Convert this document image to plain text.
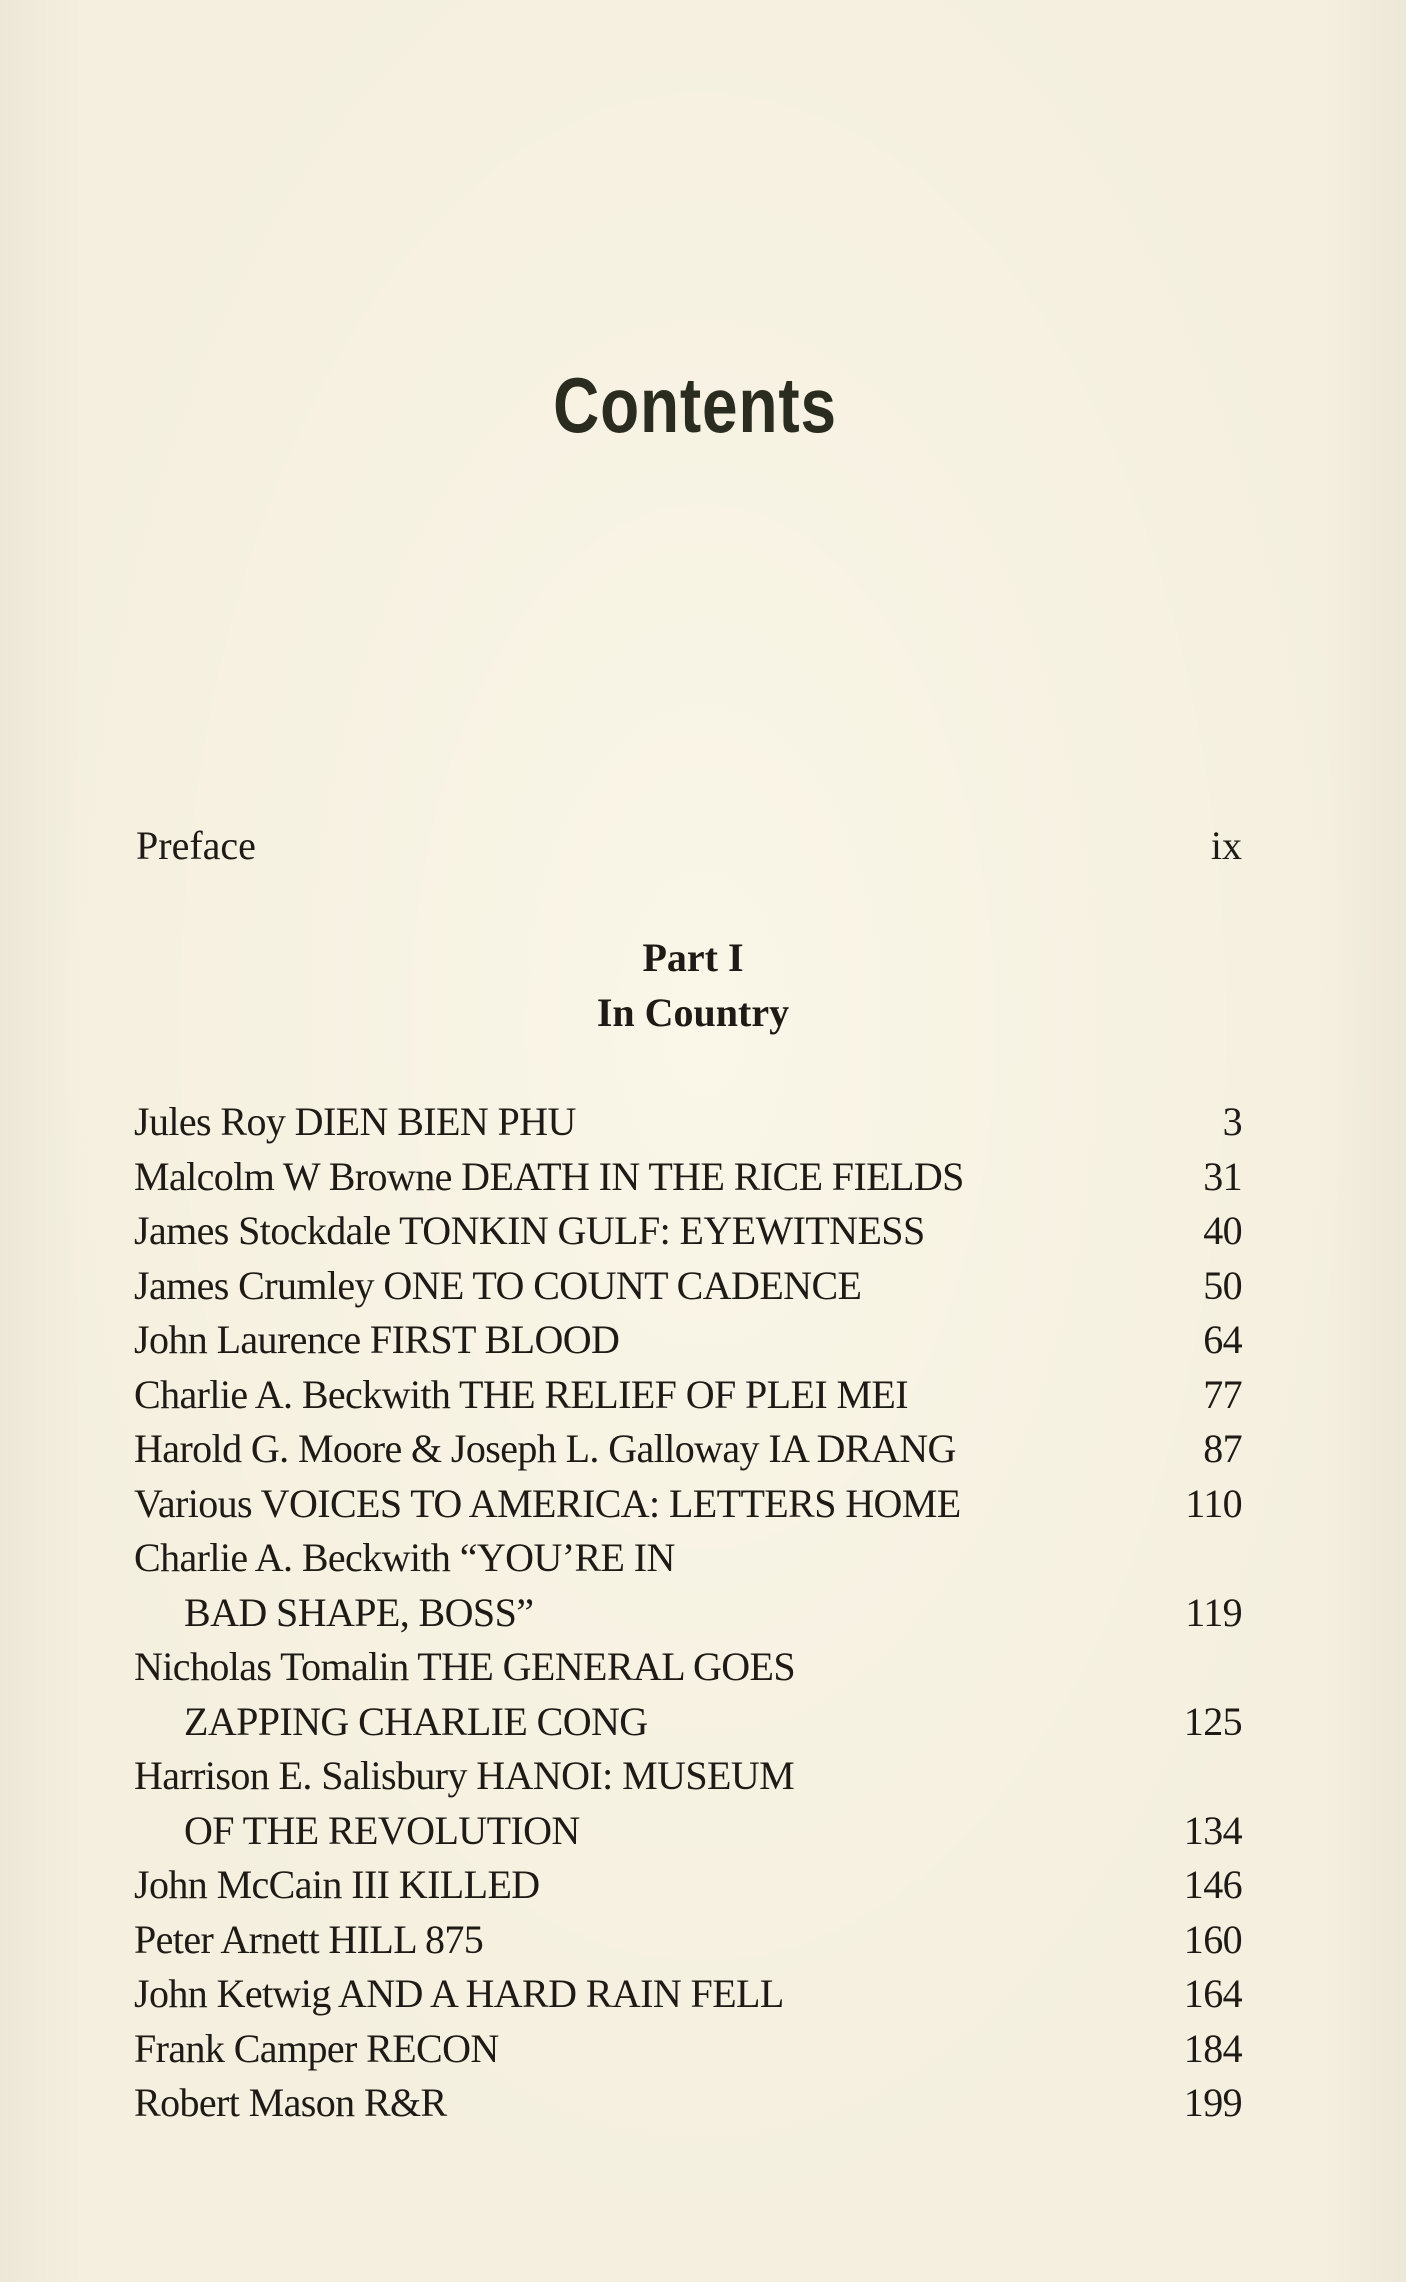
Contents
Preface	ix
Part I
In Country
Jules Roy DIEN BIEN PHU	3
Malcolm W Browne DEATH IN THE RICE FIELDS	31
James Stockdale TONKIN GULF: EYEWITNESS	40
James Crumley ONE TO COUNT CADENCE	50
John Laurence FIRST BLOOD	64
Charlie A. Beckwith THE RELIEF OF PLEI MEI	77
Harold G. Moore & Joseph L. Galloway IA DRANG	87
Various VOICES TO AMERICA: LETTERS HOME	110
Charlie A. Beckwith “YOU’RE IN
BAD SHAPE, BOSS”	119
Nicholas Tomalin THE GENERAL GOES
ZAPPING CHARLIE CONG	125
Harrison E. Salisbury HANOI: MUSEUM
OF THE REVOLUTION	134
John McCain III KILLED	146
Peter Arnett HILL 875	160
John Ketwig AND A HARD RAIN FELL	164
Frank Camper RECON	184
Robert Mason R&R	199
